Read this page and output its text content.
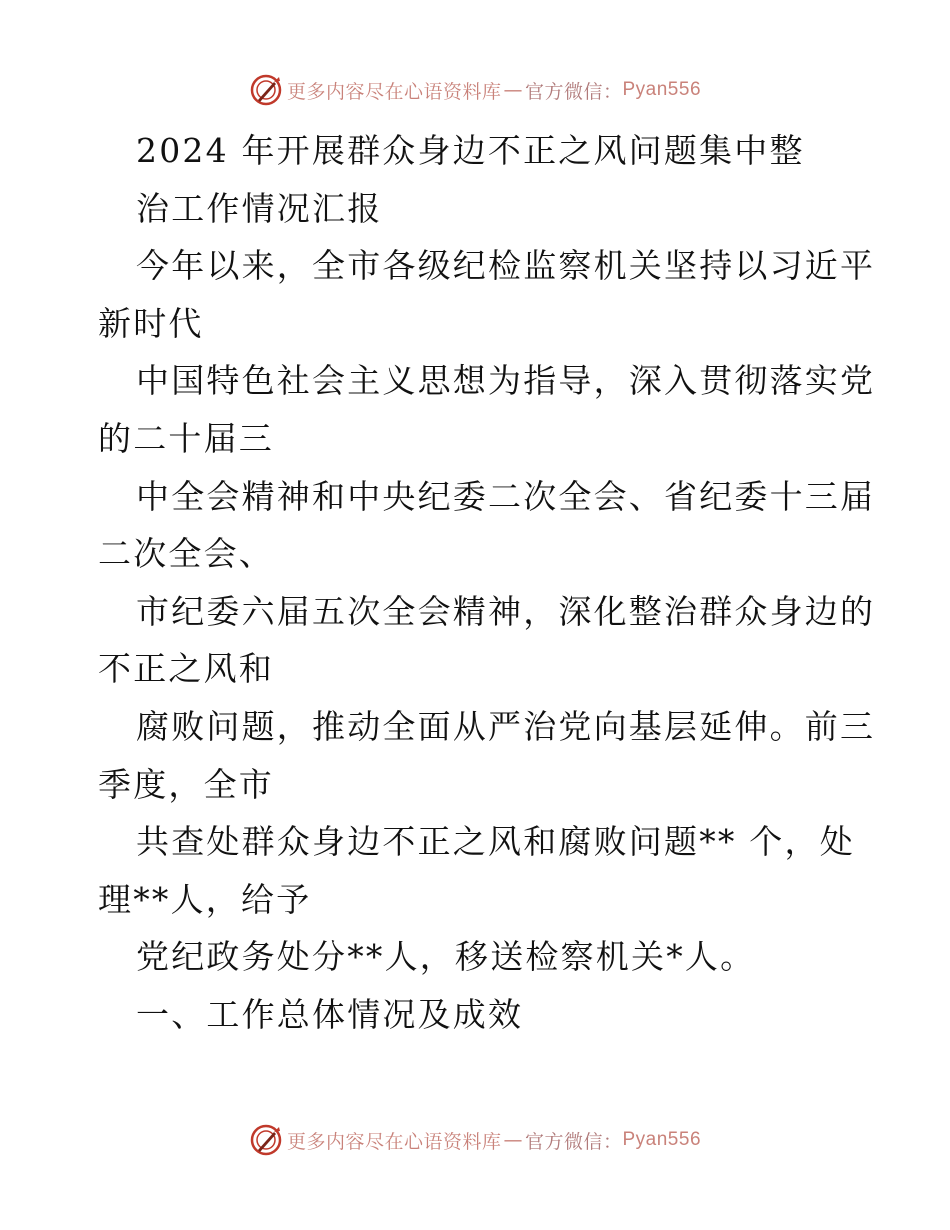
更多内容尽在心语资料库 — 官方微信： Pyan556
2024 年开展群众身边不正之风问题集中整
治工作情况汇报
今年以来，全市各级纪检监察机关坚持以习近平
新时代
中国特色社会主义思想为指导，深入贯彻落实党
的二十届三
中全会精神和中央纪委二次全会、省纪委十三届
二次全会、
市纪委六届五次全会精神，深化整治群众身边的
不正之风和
腐败问题，推动全面从严治党向基层延伸。前三
季度，全市
共查处群众身边不正之风和腐败问题** 个，处
理**人，给予
党纪政务处分**人，移送检察机关*人。
一、工作总体情况及成效
更多内容尽在心语资料库 — 官方微信： Pyan556
